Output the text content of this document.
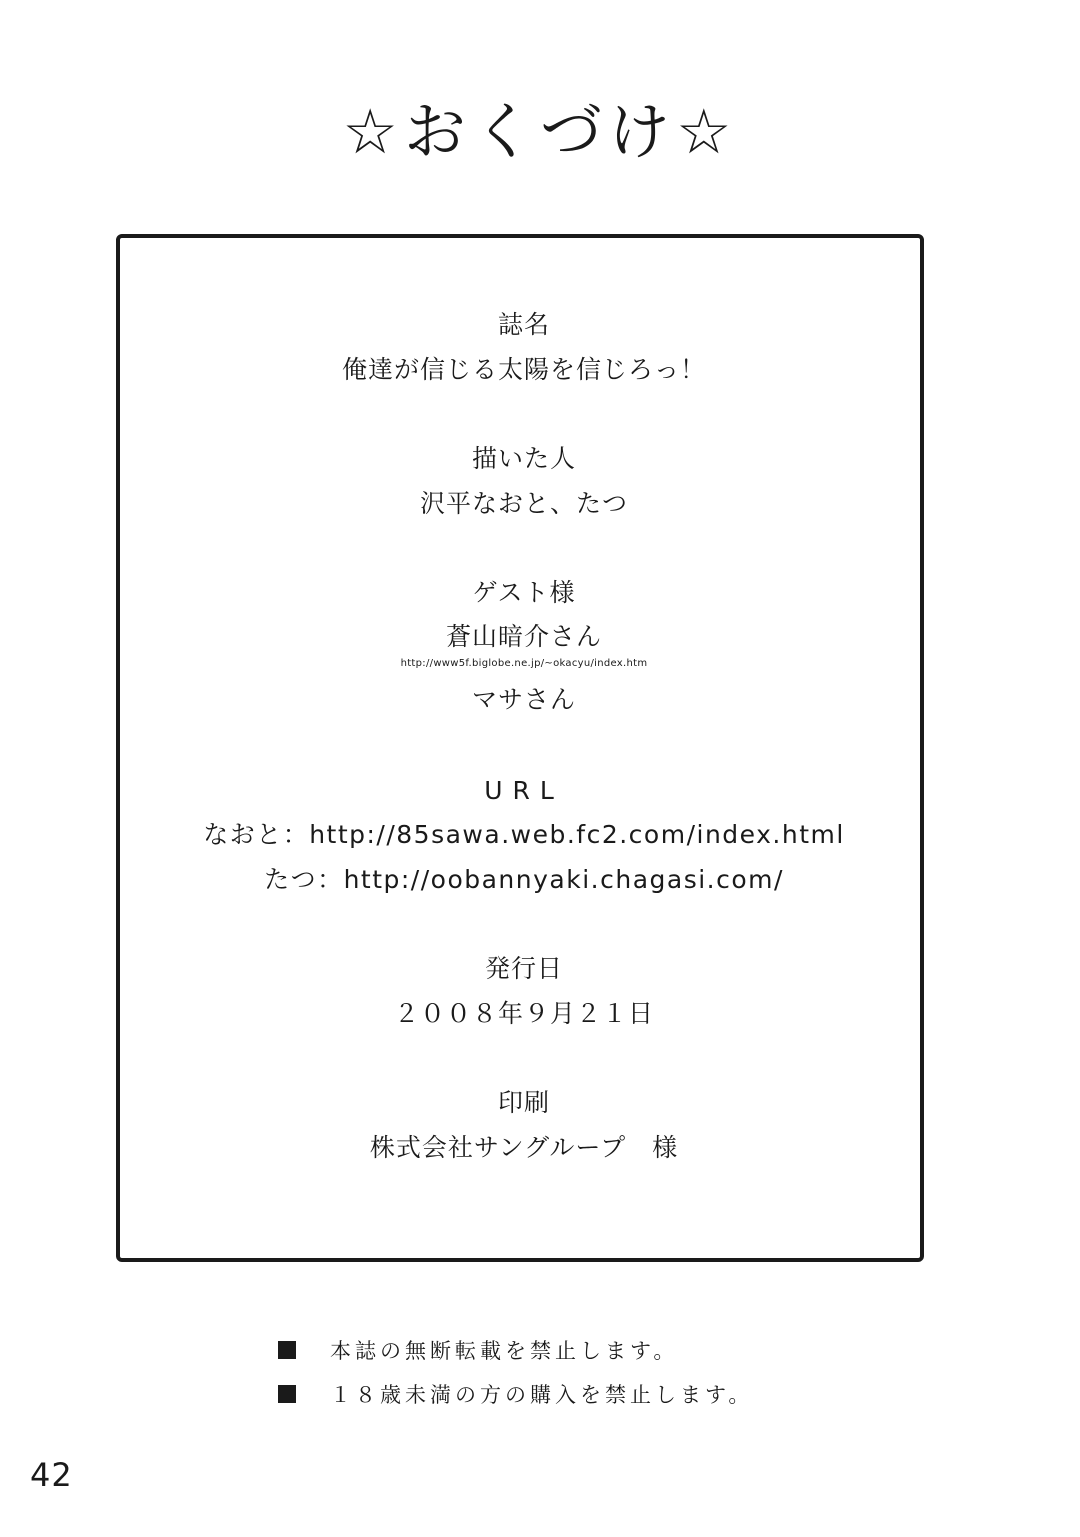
☆おくづけ☆
誌名
俺達が信じる太陽を信じろっ！
描いた人
沢平なおと、たつ
ゲスト様
蒼山暗介さん
http://www5f.biglobe.ne.jp/~okacyu/index.htm
マサさん
URL
なおと：http://85sawa.web.fc2.com/index.html
たつ：http://oobannyaki.chagasi.com/
発行日
２００８年９月２１日
印刷
株式会社サングループ　様
本誌の無断転載を禁止します。
１８歳未満の方の購入を禁止します。
42
